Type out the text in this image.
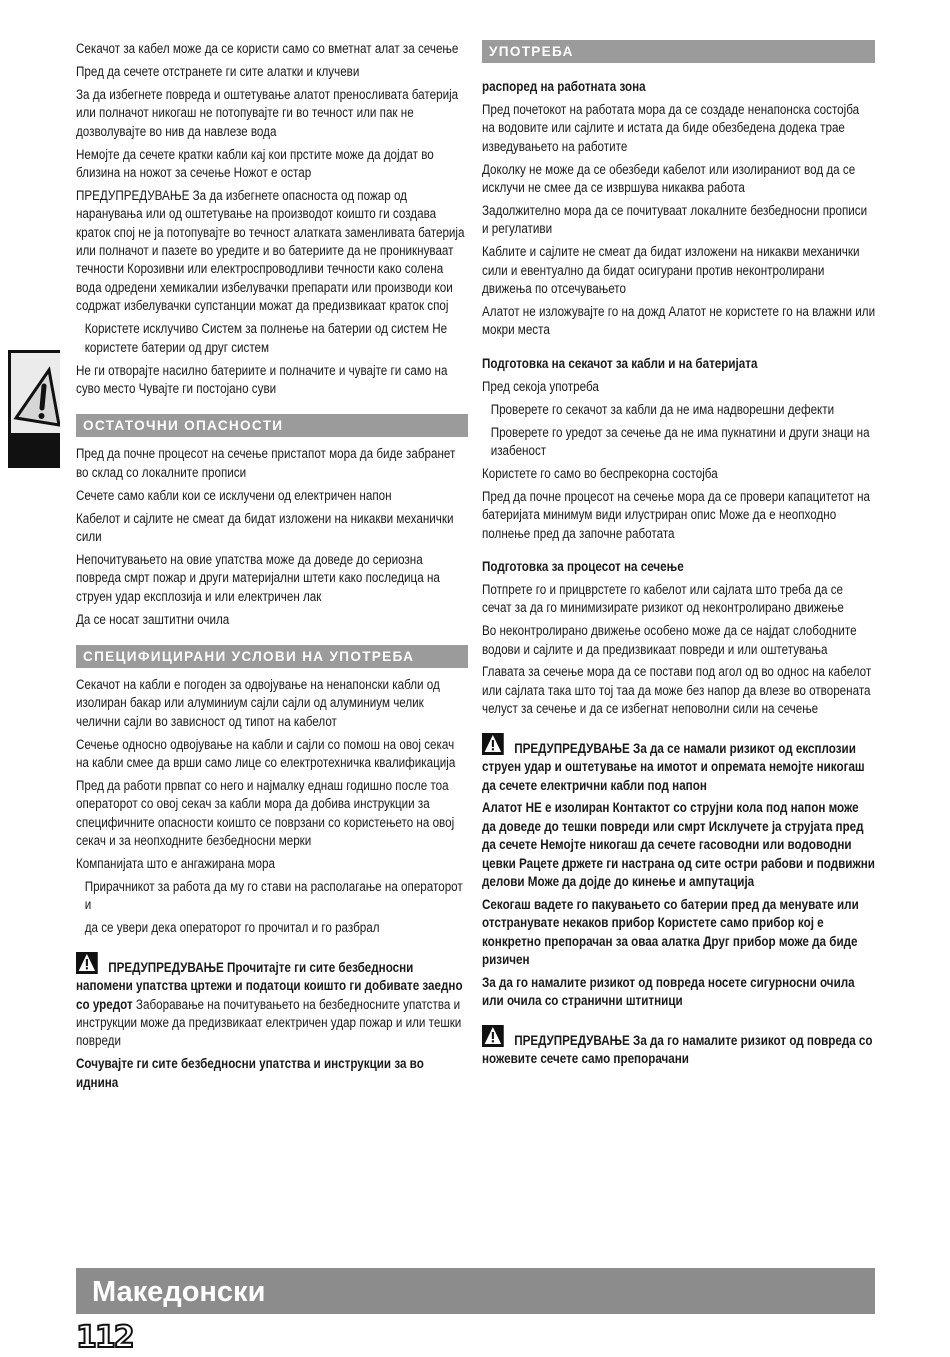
Секачот за кабел може да се користи само со вметнат алат за сечење

Пред да сечете отстранете ги сите алатки и клучеви

За да избегнете повреда и оштетување алатот преносливата батерија или полначот никогаш не потопувајте ги во течност или пак не дозволувајте во нив да навлезе вода

Немојте да сечете кратки кабли кај кои прстите може да дојдат во близина на ножот за сечење Ножот е остар

ПРЕДУПРЕДУВАЊЕ За да избегнете опасноста од пожар од наранувања или од оштетување на производот коишто ги создава краток спој не ја потопувајте во течност алатката заменливата батерија или полначот и пазете во уредите и во батериите да не проникнуваат течности Корозивни или електроспроводливи течности како солена вода одредени хемикалии избелувачки препарати или производи кои содржат избелувачки супстанции можат да предизвикаат краток спој

Користете исклучиво Систем за полнење на батерии од систем Не користете батерии од друг систем

Не ги отворајте насилно батериите и полначите и чувајте ги само на суво место Чувајте ги постојано суви

ОСТАТОЧНИ ОПАСНОСТИ

Пред да почне процесот на сечење пристапот мора да биде забранет во склад со локалните прописи

Сечете само кабли кои се исклучени од електричен напон

Кабелот и сајлите не смеат да бидат изложени на никакви механички сили

Непочитувањето на овие упатства може да доведе до сериозна повреда смрт пожар и други материјални штети како последица на струен удар експлозија и или електричен лак

Да се носат заштитни очила

СПЕЦИФИЦИРАНИ УСЛОВИ НА УПОТРЕБА

Секачот на кабли е погоден за одвојување на ненапонски кабли од изолиран бакар или алуминиум сајли сајли од алуминиум челик челични сајли во зависност од типот на кабелот

Сечење односно одвојување на кабли и сајли со помош на овој секач на кабли смее да врши само лице со електротехничка квалификација

Пред да работи првпат со него и најмалку еднаш годишно после тоа операторот со овој секач за кабли мора да добива инструкции за специфичните опасности коишто се поврзани со користењето на овој секач и за неопходните безбедносни мерки

Компанијата што е ангажирана мора

Прирачникот за работа да му го стави на располагање на операторот и

да се увери дека операторот го прочитал и го разбрал

ПРЕДУПРЕДУВАЊЕ Прочитајте ги сите безбедносни напомени упатства цртежи и податоци коишто ги добивате заедно со уредот Заборавање на почитувањето на безбедносните упатства и инструкции може да предизвикаат електричен удар пожар и или тешки повреди

Сочувајте ги сите безбедносни упатства и инструкции за во иднина

УПОТРЕБА

распоред на работната зона

Пред почетокот на работата мора да се создаде ненапонска состојба на водовите или сајлите и истата да биде обезбедена додека трае изведувањето на работите

Доколку не може да се обезбеди кабелот или изолираниот вод да се исклучи не смее да се извршува никаква работа

Задолжително мора да се почитуваат локалните безбедносни прописи и регулативи

Каблите и сајлите не смеат да бидат изложени на никакви механички сили и евентуално да бидат осигурани против неконтролирани движења по отсечувањето

Алатот не изложувајте го на дожд Алатот не користете го на влажни или мокри места

Подготовка на секачот за кабли и на батеријата

Пред секоја употреба

Проверете го секачот за кабли да не има надворешни дефекти

Проверете го уредот за сечење да не има пукнатини и други знаци на изабеност

Користете го само во беспрекорна состојба

Пред да почне процесот на сечење мора да се провери капацитетот на батеријата минимум види илустриран опис Може да е неопходно полнење пред да започне работата

Подготовка за процесот на сечење

Потпрете го и прицврстете го кабелот или сајлата што треба да се сечат за да го минимизирате ризикот од неконтролирано движење

Во неконтролирано движење особено може да се најдат слободните водови и сајлите и да предизвикаат повреди и или оштетувања

Главата за сечење мора да се постави под агол од во однос на кабелот или сајлата така што тој таа да може без напор да влезе во отворената челуст за сечење и да се избегнат неповолни сили на сечење

ПРЕДУПРЕДУВАЊЕ За да се намали ризикот од експлозии струен удар и оштетување на имотот и опремата немојте никогаш да сечете електрични кабли под напон

Алатот НЕ е изолиран Контактот со струјни кола под напон може да доведе до тешки повреди или смрт Исклучете ја струјата пред да сечете Немојте никогаш да сечете гасоводни или водоводни цевки Рацете држете ги настрана од сите остри рабови и подвижни делови Може да дојде до кинење и ампутација

Секогаш вадете го пакувањето со батерии пред да менувате или отстранувате некаков прибор Користете само прибор кој е конкретно препорачан за оваа алатка Друг прибор може да биде ризичен

За да го намалите ризикот од повреда носете сигурносни очила или очила со странични штитници

ПРЕДУПРЕДУВАЊЕ За да го намалите ризикот од повреда со ножевите сечете само препорачани

Македонски
112
